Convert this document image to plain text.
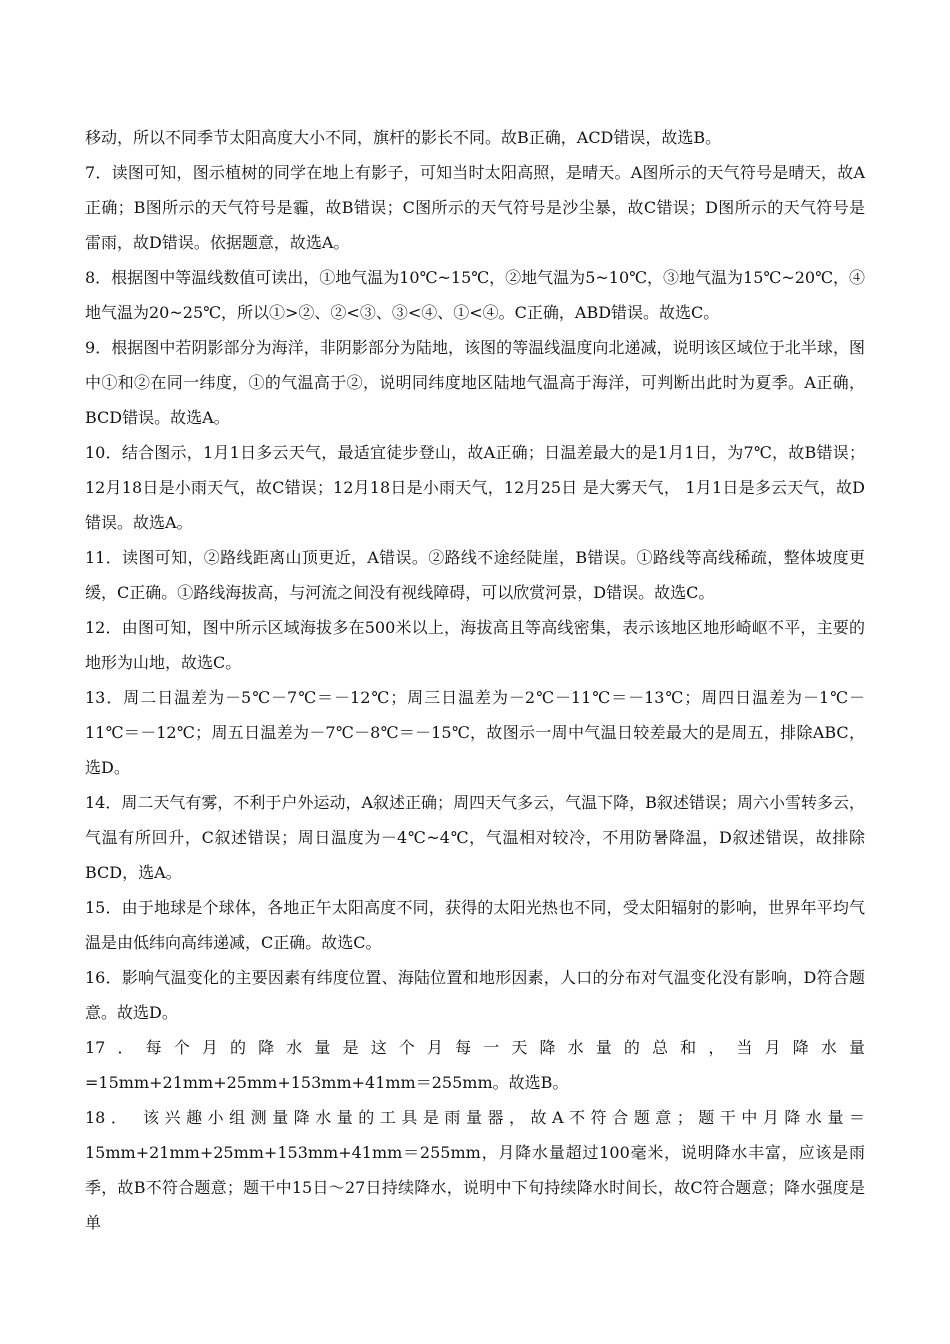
移动，所以不同季节太阳高度大小不同，旗杆的影长不同。故B正确，ACD错误，故选B。

7．读图可知，图示植树的同学在地上有影子，可知当时太阳高照，是晴天。A图所示的天气符号是晴天，故A正确；B图所示的天气符号是霾，故B错误；C图所示的天气符号是沙尘暴，故C错误；D图所示的天气符号是雷雨，故D错误。依据题意，故选A。

8．根据图中等温线数值可读出，①地气温为10℃~15℃，②地气温为5~10℃，③地气温为15℃~20℃，④地气温为20~25℃，所以①>②、②<③、③<④、①<④。C正确，ABD错误。故选C。

9．根据图中若阴影部分为海洋，非阴影部分为陆地，该图的等温线温度向北递减，说明该区域位于北半球，图中①和②在同一纬度，①的气温高于②，说明同纬度地区陆地气温高于海洋，可判断出此时为夏季。A正确，BCD错误。故选A。

10．结合图示，1月1日多云天气，最适宜徒步登山，故A正确；日温差最大的是1月1日，为7℃，故B错误；12月18日是小雨天气，故C错误；12月18日是小雨天气，12月25日 是大雾天气， 1月1日是多云天气，故D错误。故选A。

11．读图可知，②路线距离山顶更近，A错误。②路线不途经陡崖，B错误。①路线等高线稀疏，整体坡度更缓，C正确。①路线海拔高，与河流之间没有视线障碍，可以欣赏河景，D错误。故选C。

12．由图可知，图中所示区域海拔多在500米以上，海拔高且等高线密集，表示该地区地形崎岖不平，主要的地形为山地，故选C。

13．周二日温差为－5℃－7℃＝－12℃；周三日温差为－2℃－11℃＝－13℃；周四日温差为－1℃－11℃＝－12℃；周五日温差为－7℃－8℃＝－15℃，故图示一周中气温日较差最大的是周五，排除ABC，选D。

14．周二天气有雾，不利于户外运动，A叙述正确；周四天气多云，气温下降，B叙述错误；周六小雪转多云，气温有所回升，C叙述错误；周日温度为－4℃~4℃，气温相对较冷，不用防暑降温，D叙述错误，故排除BCD，选A。

15．由于地球是个球体，各地正午太阳高度不同，获得的太阳光热也不同，受太阳辐射的影响，世界年平均气温是由低纬向高纬递减，C正确。故选C。

16．影响气温变化的主要因素有纬度位置、海陆位置和地形因素，人口的分布对气温变化没有影响，D符合题意。故选D。

17．每个月的降水量是这个月每一天降水量的总和，当月降水量=15mm+21mm+25mm+153mm+41mm＝255mm。故选B。

18． 该兴趣小组测量降水量的工具是雨量器，故A不符合题意；题干中月降水量＝15mm+21mm+25mm+153mm+41mm＝255mm，月降水量超过100毫米，说明降水丰富，应该是雨季，故B不符合题意；题干中15日～27日持续降水，说明中下旬持续降水时间长，故C符合题意；降水强度是单
